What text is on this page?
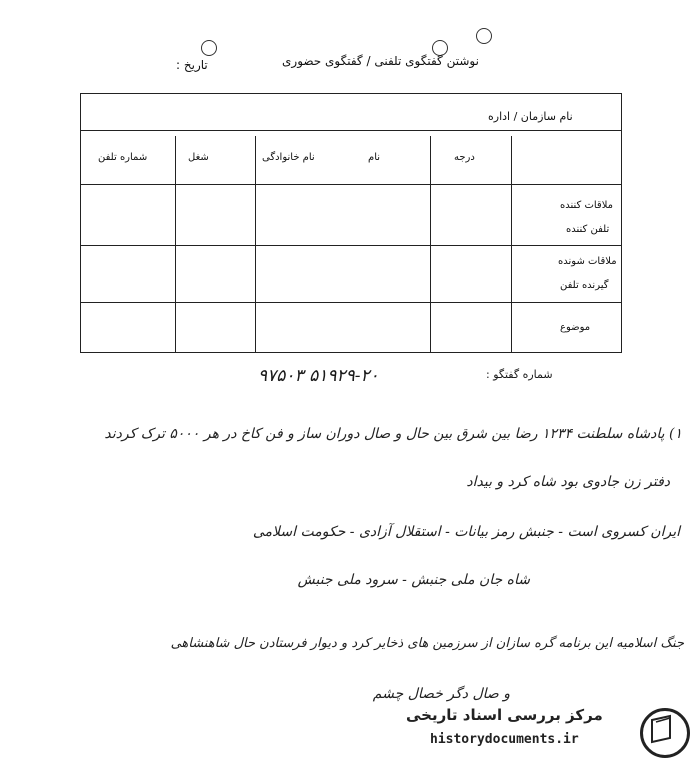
تاریخ :	نوشتن گفتگوی تلفنی / گفتگوی حضوری
نام سازمان / اداره
درجه
نام
نام خانوادگی
شغل
شماره تلفن
ملاقات کننده
تلفن کننده
ملاقات شونده
گیرنده تلفن
موضوع
شماره گفتگو :
۵۱۹۲۹-۲۰ ۹۷۵۰۳
۱) پادشاه سلطنت ۱۲۳۴ رضا بین شرق بین حال و صال دوران ساز و فن کاخ در هر ۵۰۰۰ ترک کردند
دفتر زن جادوی بود شاه کرد و بیداد
ایران کسروی است - جنبش رمز بیانات - استقلال آزادی - حکومت اسلامی
شاه جان ملی جنبش - سرود ملی جنبش
جنگ اسلامیه این برنامه گره سازان از سرزمین های ذخایر کرد و دیوار فرستادن حال شاهنشاهی
و صال دگر خصال چشم
مرکز بررسی اسناد تاریخی
historydocuments.ir
